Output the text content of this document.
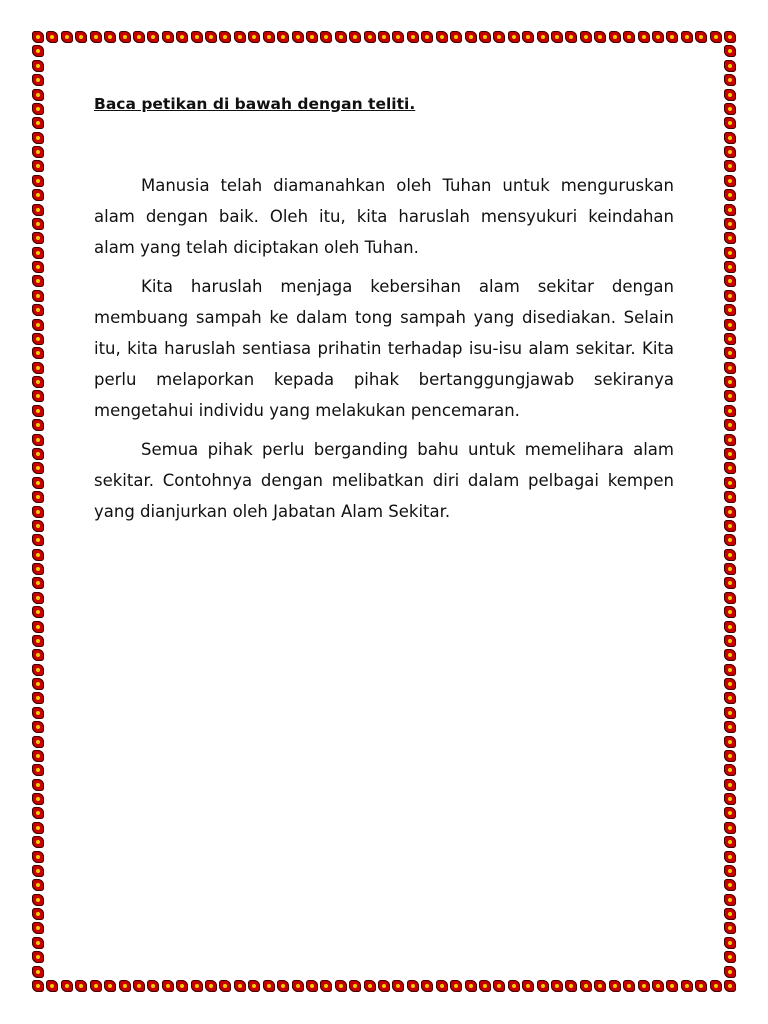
Baca petikan di bawah dengan teliti.

Manusia telah diamanahkan oleh Tuhan untuk menguruskan alam dengan baik. Oleh itu, kita haruslah mensyukuri keindahan alam yang telah diciptakan oleh Tuhan.

Kita haruslah menjaga kebersihan alam sekitar dengan membuang sampah ke dalam tong sampah yang disediakan. Selain itu, kita haruslah sentiasa prihatin terhadap isu-isu alam sekitar. Kita perlu melaporkan kepada pihak bertanggungjawab sekiranya mengetahui individu yang melakukan pencemaran.

Semua pihak perlu berganding bahu untuk memelihara alam sekitar. Contohnya dengan melibatkan diri dalam pelbagai kempen yang dianjurkan oleh Jabatan Alam Sekitar.
